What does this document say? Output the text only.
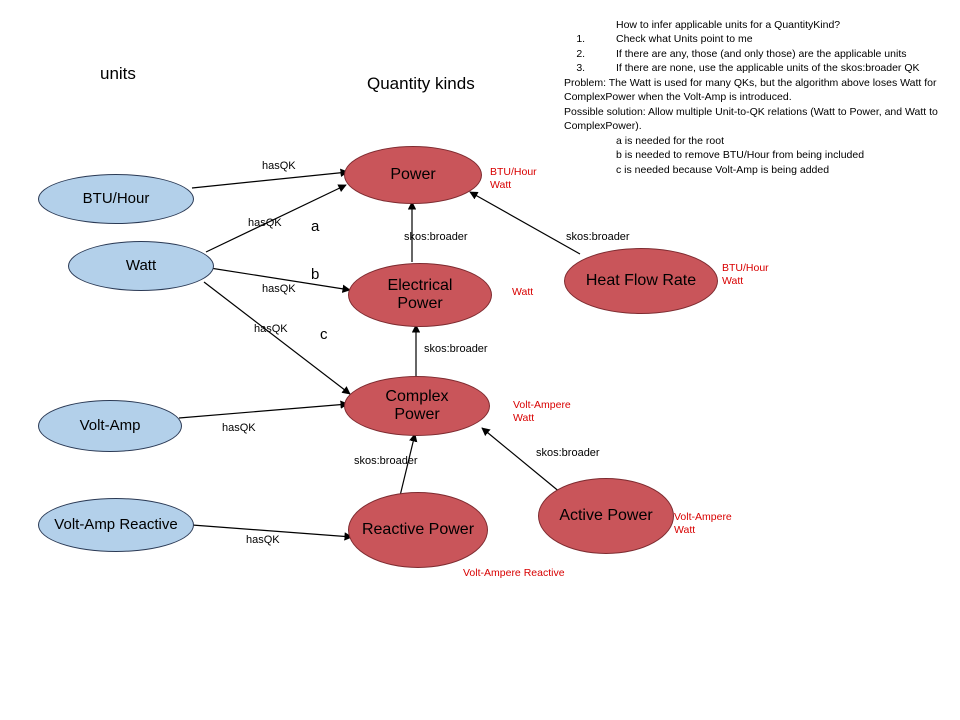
units
Quantity kinds
BTU/Hour
Watt
Volt-Amp
Volt-Amp Reactive
Power
Electrical Power
Heat Flow Rate
Complex Power
Reactive Power
Active Power
hasQK
hasQK
hasQK
hasQK
hasQK
hasQK
a
b
c
skos:broader	skos:broader
skos:broader
skos:broader
skos:broader
BTU/Hour
Watt
Watt
BTU/Hour
Watt
Volt-Ampere
Watt
Volt-Ampere Reactive
Volt-Ampere
Watt

How to infer applicable units for a QuantityKind?

1. Check what Units point to me
2. If there are any, those (and only those) are the applicable units
3. If there are none, use the applicable units of the skos:broader QK

Problem: The Watt is used for many QKs, but the algorithm above loses Watt for ComplexPower when the Volt-Amp is introduced.

Possible solution: Allow multiple Unit-to-QK relations (Watt to Power, and Watt to ComplexPower).

a is needed for the root

b is needed to remove BTU/Hour from being included

c is needed because Volt-Amp is being added
